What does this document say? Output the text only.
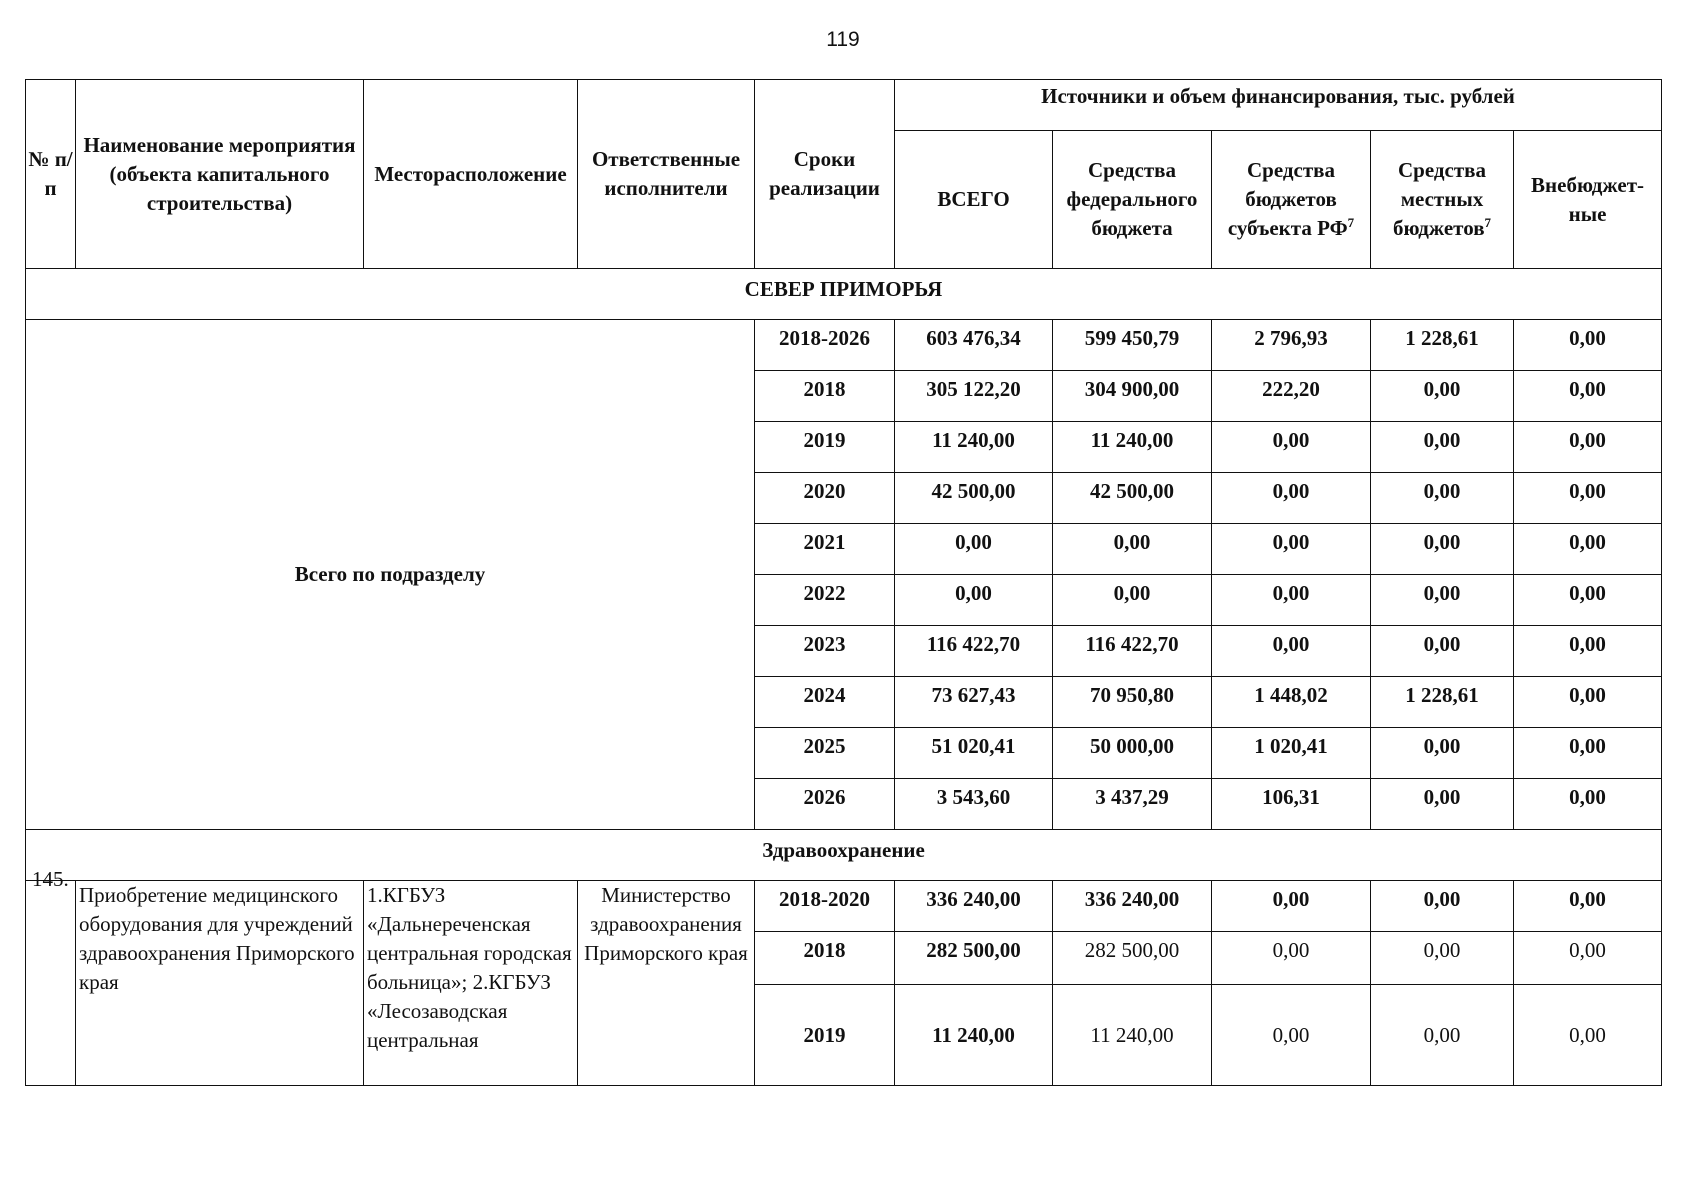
119
№ п/п	Наименование мероприятия (объекта капитального строительства)	Месторасположение	Ответственные исполнители	Сроки реализации	Источники и объем финансирования, тыс. рублей				
					ВСЕГО	Средства федерального бюджета	Средства бюджетов субъекта $РФ^7$	Средства местных бюджетов$^7$	Внебюджет-ные
СЕВЕР ПРИМОРЬЯ									
Всего по подразделу				2018-2026	603 476,34	599 450,79	2 796,93	1 228,61	0,00
				2018	305 122,20	304 900,00	222,20	0,00	0,00
				2019	11 240,00	11 240,00	0,00	0,00	0,00
				2020	42 500,00	42 500,00	0,00	0,00	0,00
				2021	0,00	0,00	0,00	0,00	0,00
				2022	0,00	0,00	0,00	0,00	0,00
				2023	116 422,70	116 422,70	0,00	0,00	0,00
				2024	73 627,43	70 950,80	1 448,02	1 228,61	0,00
				2025	51 020,41	50 000,00	1 020,41	0,00	0,00
				2026	3 543,60	3 437,29	106,31	0,00	0,00
Здравоохранение									

145.	Приобретение медицинского оборудования для учреждений здравоохранения Приморского края	1.КГБУЗ «Дальнереченская центральная городская больница»; 2.КГБУЗ «Лесозаводская центральная	Министерство здравоохранения Приморского края	2018-2020	336 240,00	336 240,00	0,00	0,00	0,00
				2018	282 500,00	282 500,00	0,00	0,00	0,00
				2019	11 240,00	11 240,00	0,00	0,00	0,00
